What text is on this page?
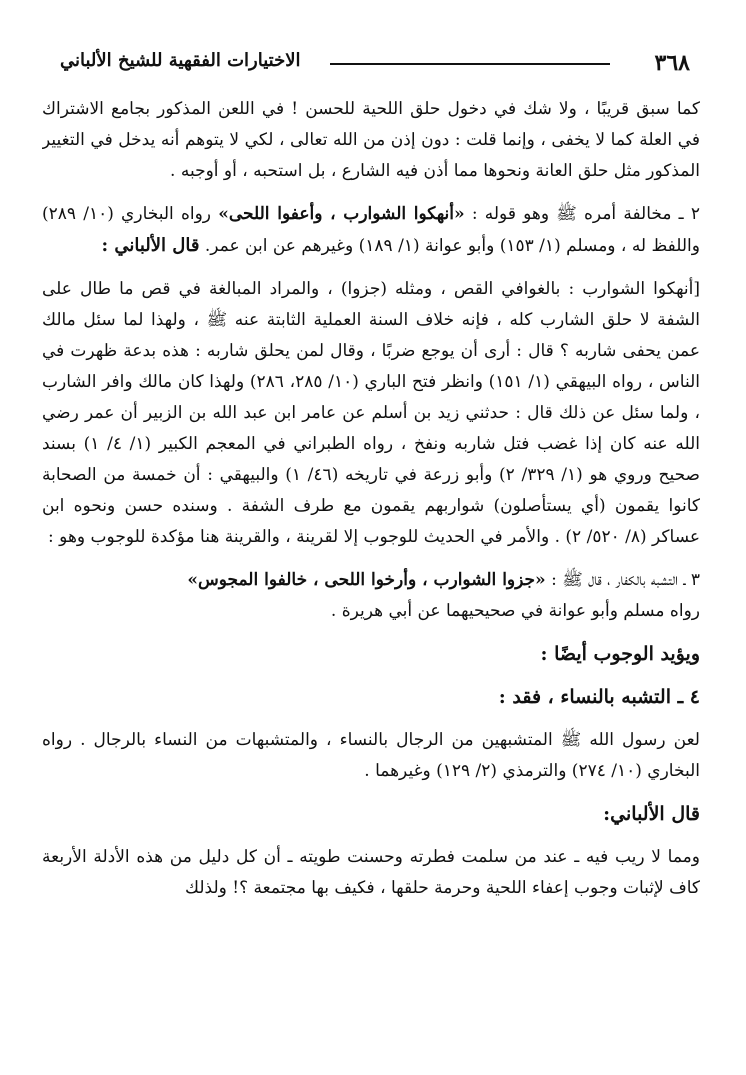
٣٦٨
الاختيارات الفقهية للشيخ الألباني

كما سبق قريبًا ، ولا شك في دخول حلق اللحية للحسن ! في اللعن المذكور بجامع الاشتراك في العلة كما لا يخفى ، وإنما قلت : دون إذن من الله تعالى ، لكي لا يتوهم أنه يدخل في التغيير المذكور مثل حلق العانة ونحوها مما أذن فيه الشارع ، بل استحبه ، أو أوجبه .

٢ ـ مخالفة أمره ﷺ وهو قوله : «أنهكوا الشوارب ، وأعفوا اللحى» رواه البخاري (١٠/ ٢٨٩) واللفظ له ، ومسلم (١/ ١٥٣) وأبو عوانة (١/ ١٨٩) وغيرهم عن ابن عمر. قال الألباني :

[أنهكوا الشوارب : بالغوافي القص ، ومثله (جزوا) ، والمراد المبالغة في قص ما طال على الشفة لا حلق الشارب كله ، فإنه خلاف السنة العملية الثابتة عنه ﷺ ، ولهذا لما سئل مالك عمن يحفى شاربه ؟ قال : أرى أن يوجع ضربًا ، وقال لمن يحلق شاربه : هذه بدعة ظهرت في الناس ، رواه البيهقي (١/ ١٥١) وانظر فتح الباري (١٠/ ٢٨٥، ٢٨٦) ولهذا كان مالك وافر الشارب ، ولما سئل عن ذلك قال : حدثني زيد بن أسلم عن عامر ابن عبد الله بن الزبير أن عمر رضي الله عنه كان إذا غضب فتل شاربه ونفخ ، رواه الطبراني في المعجم الكبير (١/ ٤/ ١) بسند صحيح وروي هو (١/ ٣٢٩/ ٢) وأبو زرعة في تاريخه (٤٦/ ١) والبيهقي : أن خمسة من الصحابة كانوا يقمون (أي يستأصلون) شواربهم يقمون مع طرف الشفة . وسنده حسن ونحوه ابن عساكر (٨/ ٥٢٠/ ٢) . والأمر في الحديث للوجوب إلا لقرينة ، والقرينة هنا مؤكدة للوجوب وهو :

٣ ـ التشبه بالكفار ، قال ﷺ : «جزوا الشوارب ، وأرخوا اللحى ، خالفوا المجوس»
رواه مسلم وأبو عوانة في صحيحيهما عن أبي هريرة .

ويؤيد الوجوب أيضًا :

٤ ـ التشبه بالنساء ، فقد :

لعن رسول الله ﷺ المتشبهين من الرجال بالنساء ، والمتشبهات من النساء بالرجال . رواه البخاري (١٠/ ٢٧٤) والترمذي (٢/ ١٢٩) وغيرهما .

قال الألباني:

ومما لا ريب فيه ـ عند من سلمت فطرته وحسنت طويته ـ أن كل دليل من هذه الأدلة الأربعة كاف لإثبات وجوب إعفاء اللحية وحرمة حلقها ، فكيف بها مجتمعة ؟! ولذلك
